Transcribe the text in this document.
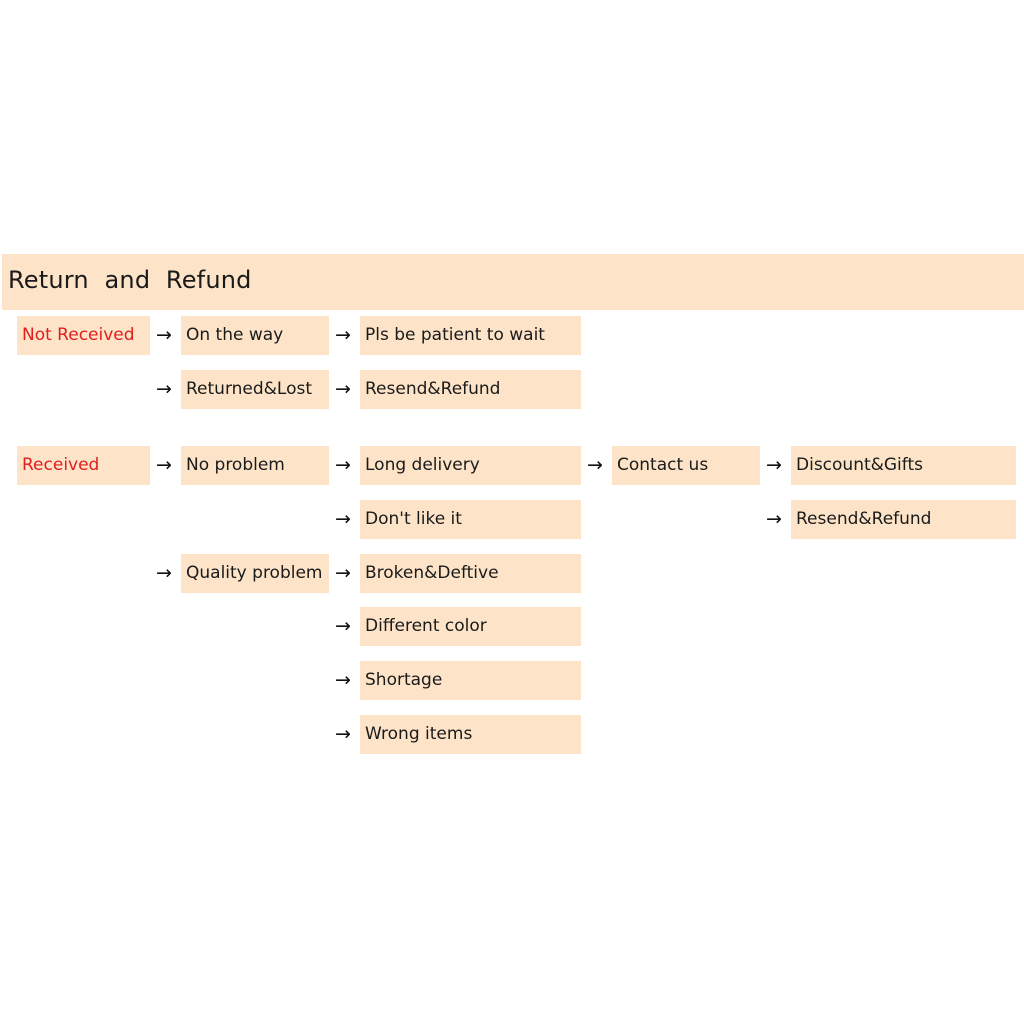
Return  and  Refund
Not Received	→ On the way	→ Pls be patient to wait
→ Returned&Lost	→ Resend&Refund
Received	→ No problem	→ Long delivery	→ Contact us	→ Discount&Gifts
→ Don't like it	→ Resend&Refund
→ Quality problem → Broken&Deftive
→ Different color
→ Shortage
→ Wrong items
